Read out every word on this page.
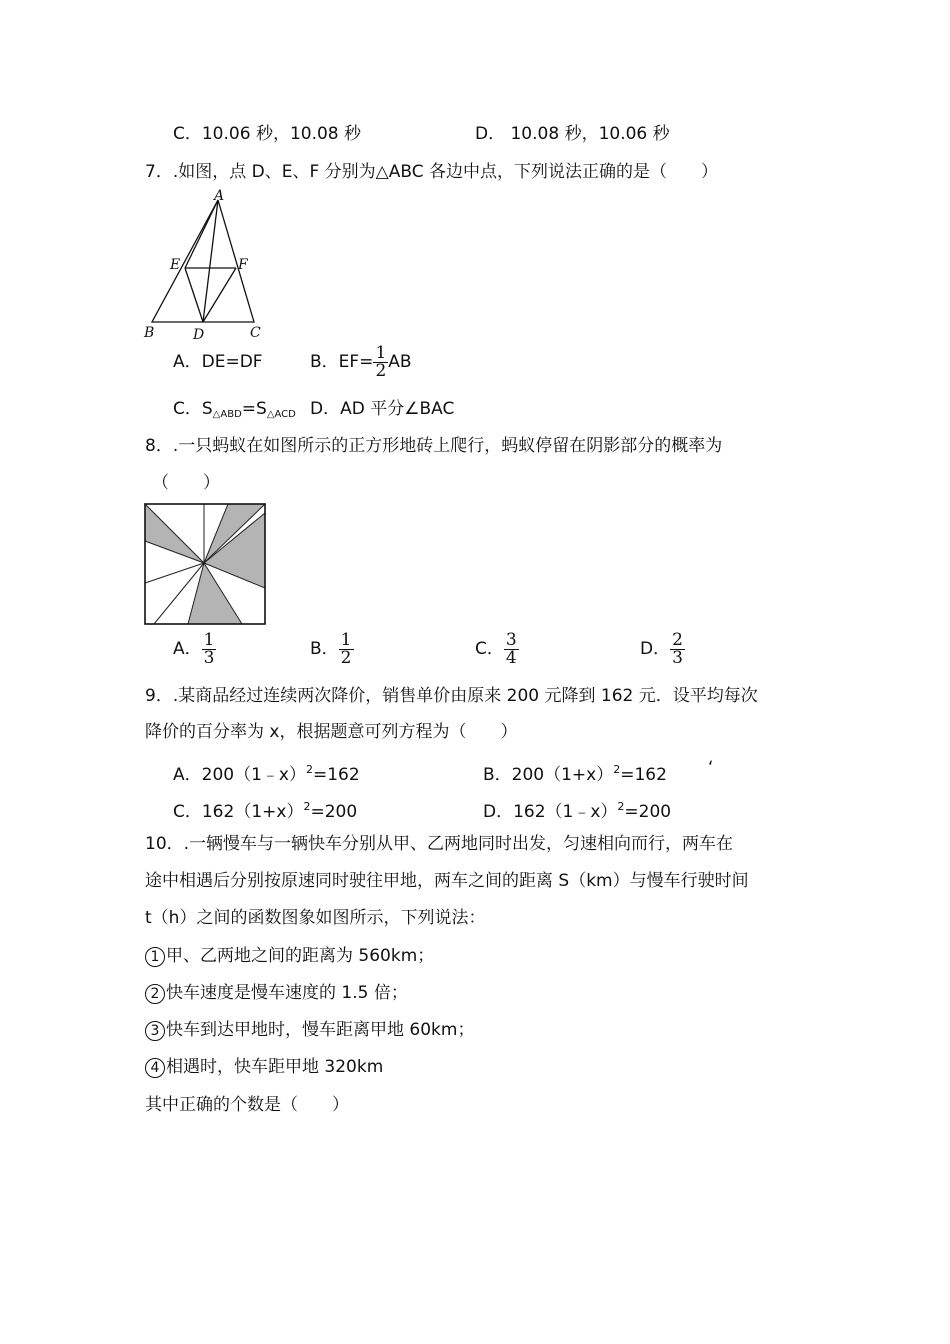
C．10.06 秒，10.08 秒	D． 10.08 秒，10.06 秒
7．.如图，点 D、E、F 分别为△ABC 各边中点，下列说法正确的是（　　）
A
E	F
B	D	C
A．DE=DF	B．$EF= \frac{1}{2}$ AB
C．$S_{\triangle ABD}=S_{\triangle ACD}$ D．AD 平分∠BAC
8．.一只蚂蚁在如图所示的正方形地砖上爬行，蚂蚁停留在阴影部分的概率为
（　　）
A． $\frac{1}{3}$	B． $\frac{1}{2}$	C． $\frac{3}{4}$	D． $\frac{2}{3}$
9．.某商品经过连续两次降价，销售单价由原来 200 元降到 162 元．设平均每次
降价的百分率为 x，根据题意可列方程为（　　）
A．200（1﹣x）$^2$=162	B．$200(1+x)^2=162$ ‘
C．$162(1+x)^2=200$	D．162（1﹣x）$^2$=200
10．.一辆慢车与一辆快车分别从甲、乙两地同时出发，匀速相向而行，两车在
途中相遇后分别按原速同时驶往甲地，两车之间的距离 S（km）与慢车行驶时间
t（h）之间的函数图象如图所示，下列说法：
1 甲、乙两地之间的距离为 560km；
2 快车速度是慢车速度的 1.5 倍；
3 快车到达甲地时，慢车距离甲地 60km；
4 相遇时，快车距甲地 320km
其中正确的个数是（　　）
